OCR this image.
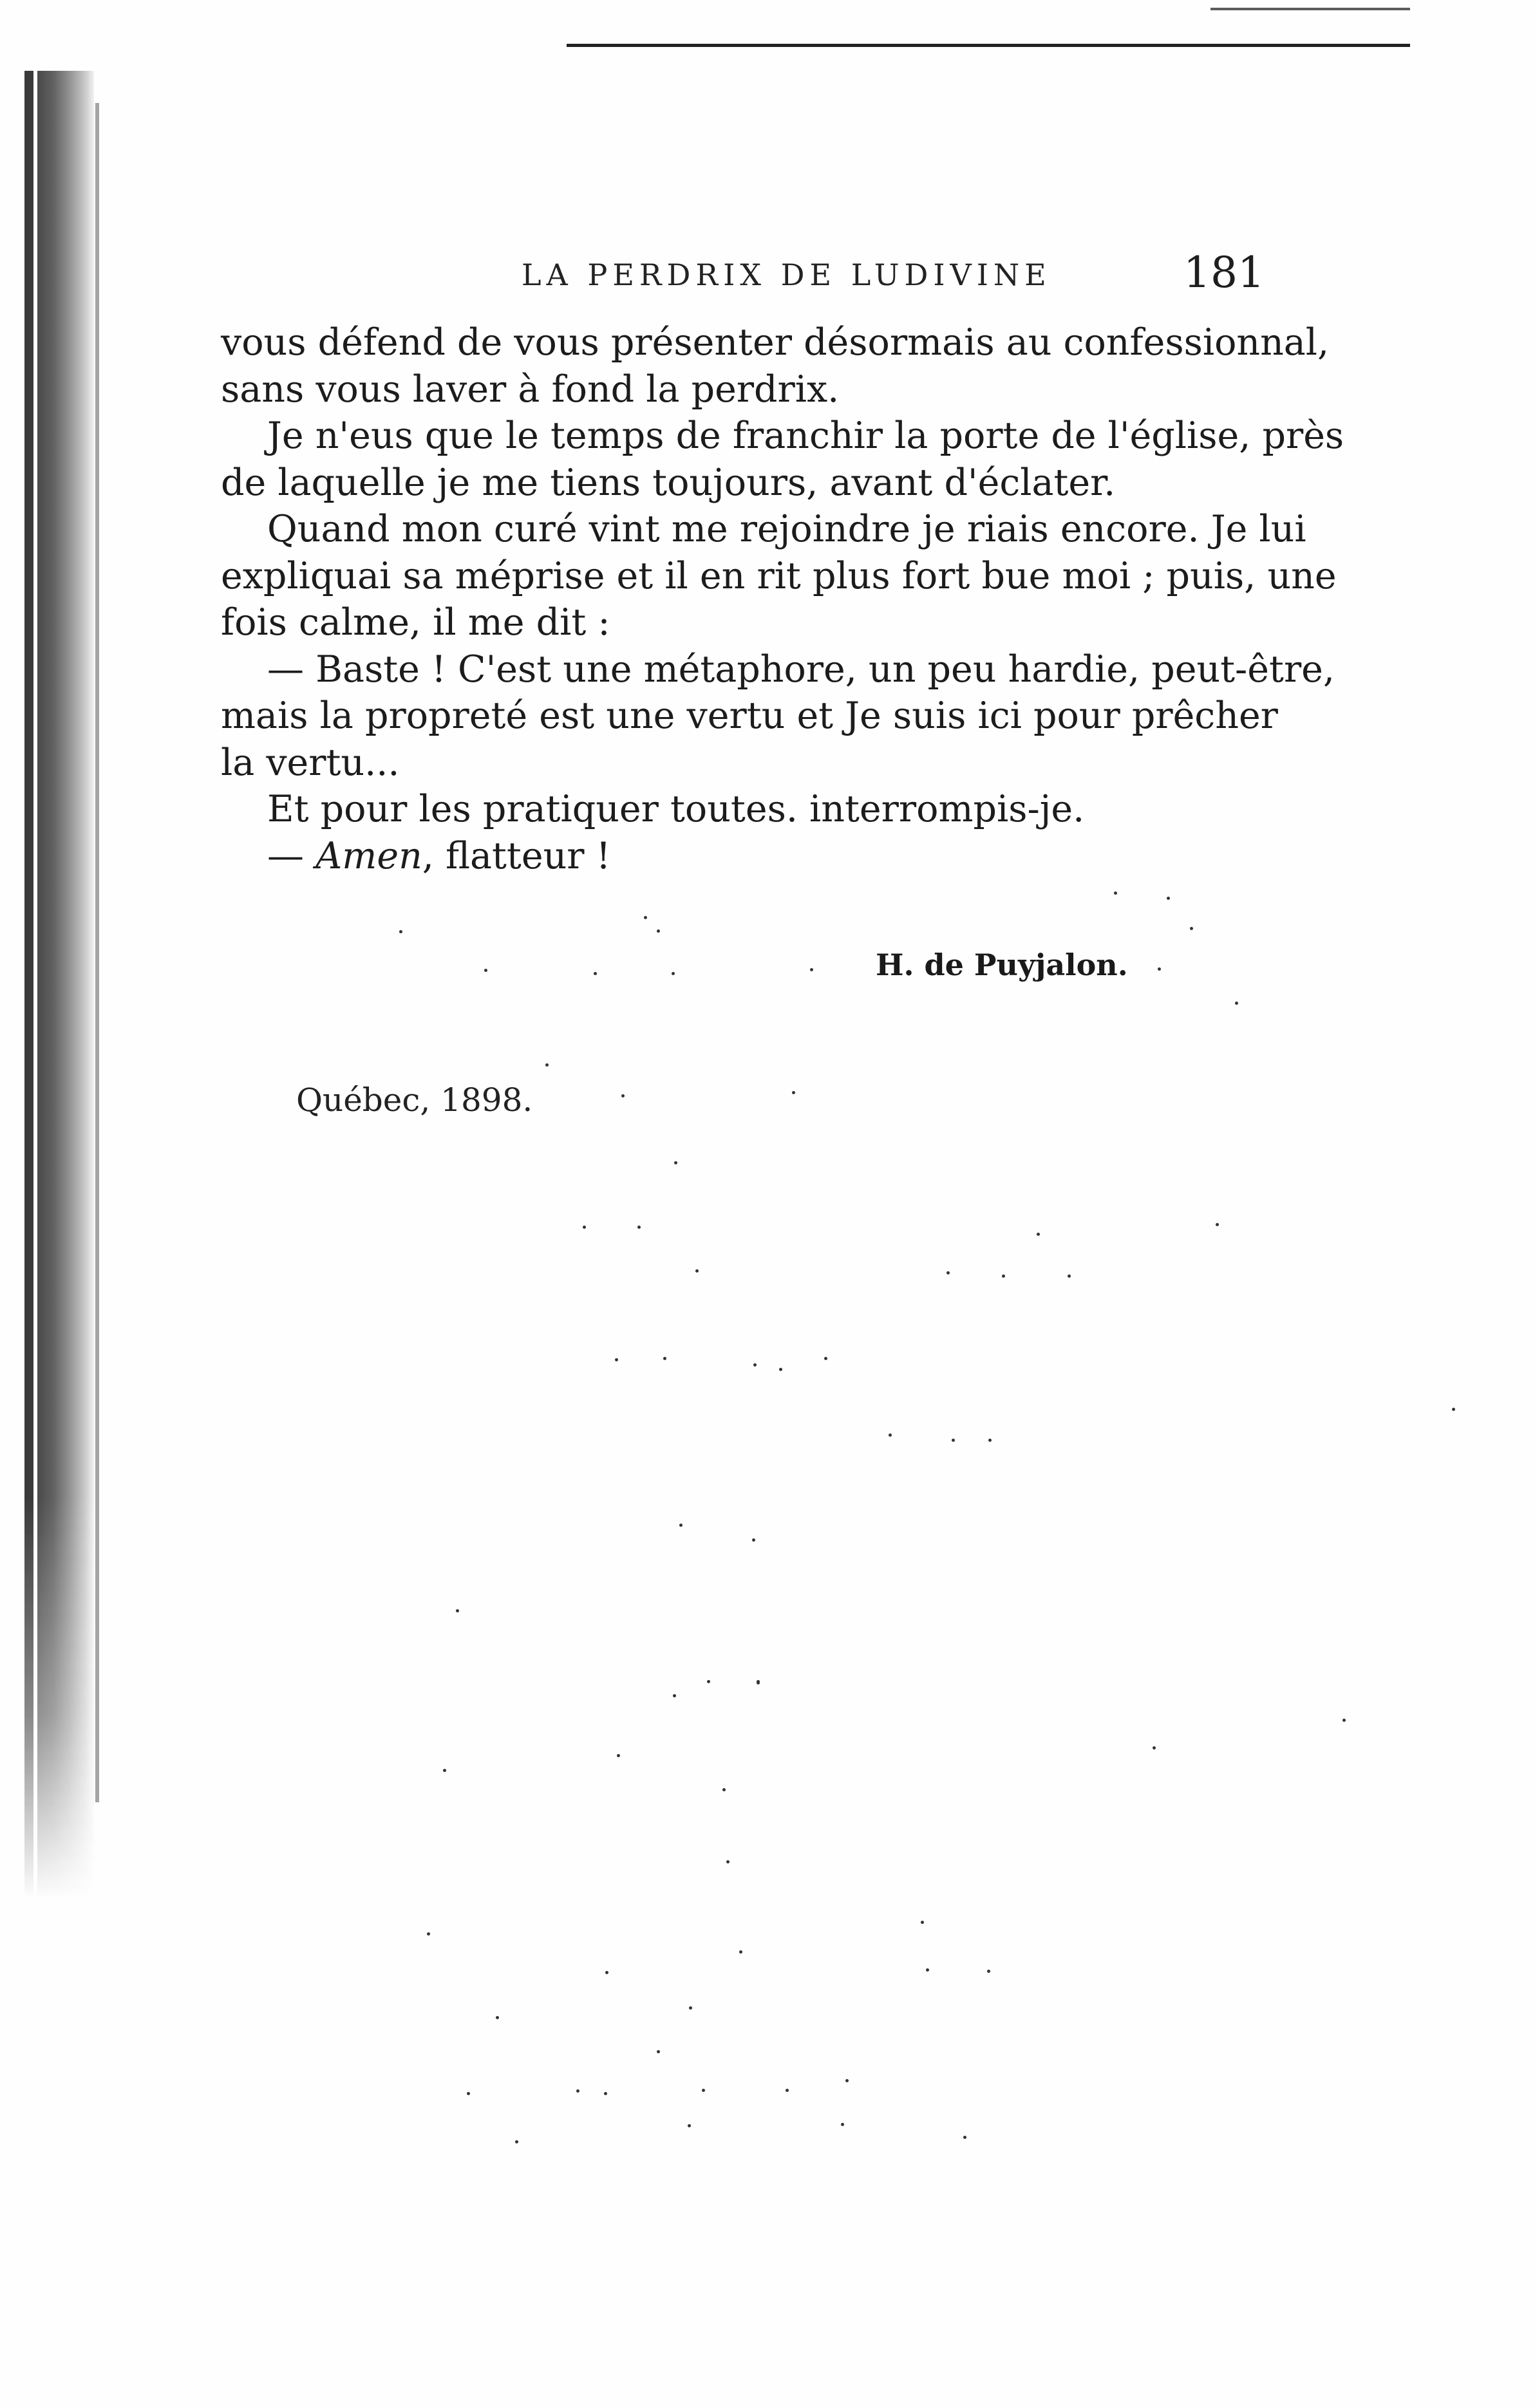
LA PERDRIX DE LUDIVINE	181
vous défend de vous présenter désormais au confessionnal,
sans vous laver à fond la perdrix.
Je n'eus que le temps de franchir la porte de l'église, près
de laquelle je me tiens toujours, avant d'éclater.
Quand mon curé vint me rejoindre je riais encore. Je lui
expliquai sa méprise et il en rit plus fort bue moi ; puis, une
fois calme, il me dit :
— Baste ! C'est une métaphore, un peu hardie, peut-être,
mais la propreté est une vertu et Je suis ici pour prêcher
la vertu...
Et pour les pratiquer toutes. interrompis-je.
— Amen, flatteur !
H. de Puyjalon.
Québec, 1898.
